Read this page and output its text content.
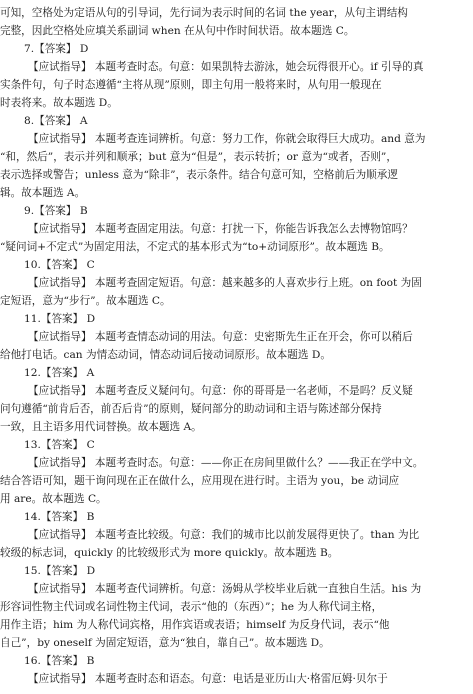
可知，空格处为定语从句的引导词，先行词为表示时间的名词 the year，从句主谓结构
完整，因此空格处应填关系副词 when 在从句中作时间状语。故本题选 C。
7.【答案】 D
【应试指导】 本题考查时态。句意：如果凯特去游泳，她会玩得很开心。if 引导的真
实条件句，句子时态遵循“主将从现”原则，即主句用一般将来时，从句用一般现在
时表将来。故本题选 D。
8.【答案】 A
【应试指导】 本题考查连词辨析。句意：努力工作，你就会取得巨大成功。and 意为
“和，然后”，表示并列和顺承；but 意为“但是”，表示转折；or 意为“或者，否则”，
表示选择或警告；unless 意为“除非”，表示条件。结合句意可知，空格前后为顺承逻
辑。故本题选 A。
9.【答案】 B
【应试指导】 本题考查固定用法。句意：打扰一下，你能告诉我怎么去博物馆吗？
“疑问词+不定式”为固定用法，不定式的基本形式为“to+动词原形”。故本题选 B。
10.【答案】 C
【应试指导】 本题考查固定短语。句意：越来越多的人喜欢步行上班。on foot 为固
定短语，意为“步行”。故本题选 C。
11.【答案】 D
【应试指导】 本题考查情态动词的用法。句意：史密斯先生正在开会，你可以稍后
给他打电话。can 为情态动词，情态动词后接动词原形。故本题选 D。
12.【答案】 A
【应试指导】 本题考查反义疑问句。句意：你的哥哥是一名老师，不是吗？反义疑
问句遵循“前肯后否，前否后肯”的原则，疑问部分的助动词和主语与陈述部分保持
一致，且主语多用代词替换。故本题选 A。
13.【答案】 C
【应试指导】 本题考查时态。句意：——你正在房间里做什么？——我正在学中文。
结合答语可知，题干询问现在正在做什么，应用现在进行时。主语为 you，be 动词应
用 are。故本题选 C。
14.【答案】 B
【应试指导】 本题考查比较级。句意：我们的城市比以前发展得更快了。than 为比
较级的标志词，quickly 的比较级形式为 more quickly。故本题选 B。
15.【答案】 D
【应试指导】 本题考查代词辨析。句意：汤姆从学校毕业后就一直独自生活。his 为
形容词性物主代词或名词性物主代词，表示“他的（东西）”；he 为人称代词主格，
用作主语；him 为人称代词宾格，用作宾语或表语；himself 为反身代词，表示“他
自己”，by oneself 为固定短语，意为“独自，靠自己”。故本题选 D。
16.【答案】 B
【应试指导】 本题考查时态和语态。句意：电话是亚历山大·格雷厄姆·贝尔于
